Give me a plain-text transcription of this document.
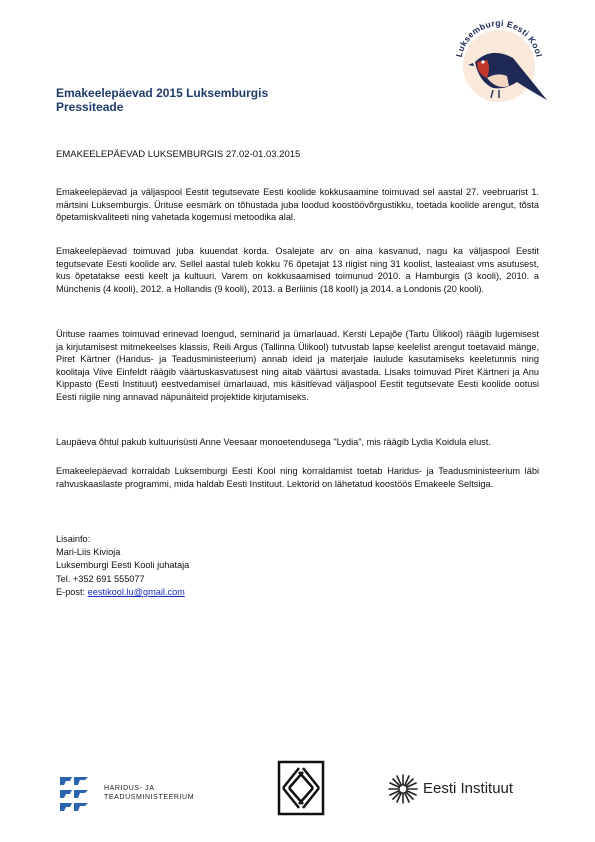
Luksemburgi Eesti Kool
Emakeelepäevad 2015 Luksemburgis
Pressiteade
EMAKEELEPÄEVAD LUKSEMBURGIS 27.02-01.03.2015

Emakeelepäevad ja väljaspool Eestit tegutsevate Eesti koolide kokkusaamine toimuvad sel aastal 27. veebruarist 1. märtsini Luksemburgis. Ürituse eesmärk on tõhustada juba loodud koostöövõrgustikku, toetada koolide arengut, tõsta õpetamiskvaliteeti ning vahetada kogemusi metoodika alal.

Emakeelepäevad toimuvad juba kuuendat korda. Osalejate arv on aina kasvanud, nagu ka väljaspool Eestit tegutsevate Eesti koolide arv. Sellel aastal tuleb kokku 76 õpetajat 13 riigist ning 31 koolist, lasteaiast vms asutusest, kus õpetatakse eesti keelt ja kultuuri. Varem on kokkusaamised toimunud 2010. a Hamburgis (3 kooli), 2010. a Münchenis (4 kooli), 2012. a Hollandis (9 kooli), 2013. a Berliinis (18 koolI) ja 2014. a Londonis (20 kooli).

Ürituse raames toimuvad erinevad loengud, seminarid ja ümarlauad. Kersti Lepajõe (Tartu Ülikool) räägib lugemisest ja kirjutamisest mitmekeelses klassis, Reili Argus (Tallinna Ülikool) tutvustab lapse keelelist arengut toetavaid mänge, Piret Kärtner (Haridus- ja Teadusministeerium) annab ideid ja materjale laulude kasutamiseks keeletunnis ning koolitaja Viive Einfeldt räägib väärtuskasvatusest ning aitab väärtusi avastada. Lisaks toimuvad Piret Kärtneri ja Anu Kippasto (Eesti Instituut) eestvedamisel ümarlauad, mis käsitlevad väljaspool Eestit tegutsevate Eesti koolide ootusi Eesti riigile ning annavad näpunäiteid projektide kirjutamiseks.

Laupäeva õhtul pakub kultuurisüsti Anne Veesaar monoetendusega "Lydia", mis räägib Lydia Koidula elust.

Emakeelepäevad korraldab Luksemburgi Eesti Kool ning korraldamist toetab Haridus- ja Teadusministeerium läbi rahvuskaaslaste programmi, mida haldab Eesti Instituut. Lektorid on lähetatud koostöös Emakeele Seltsiga.

Lisainfo:
Mari-Liis Kivioja
Luksemburgi Eesti Kooli juhataja
Tel. +352 691 555077
E-post: eestikool.lu@gmail.com
HARIDUS- JA
TEADUSMINISTEERIUM
Eesti Instituut
